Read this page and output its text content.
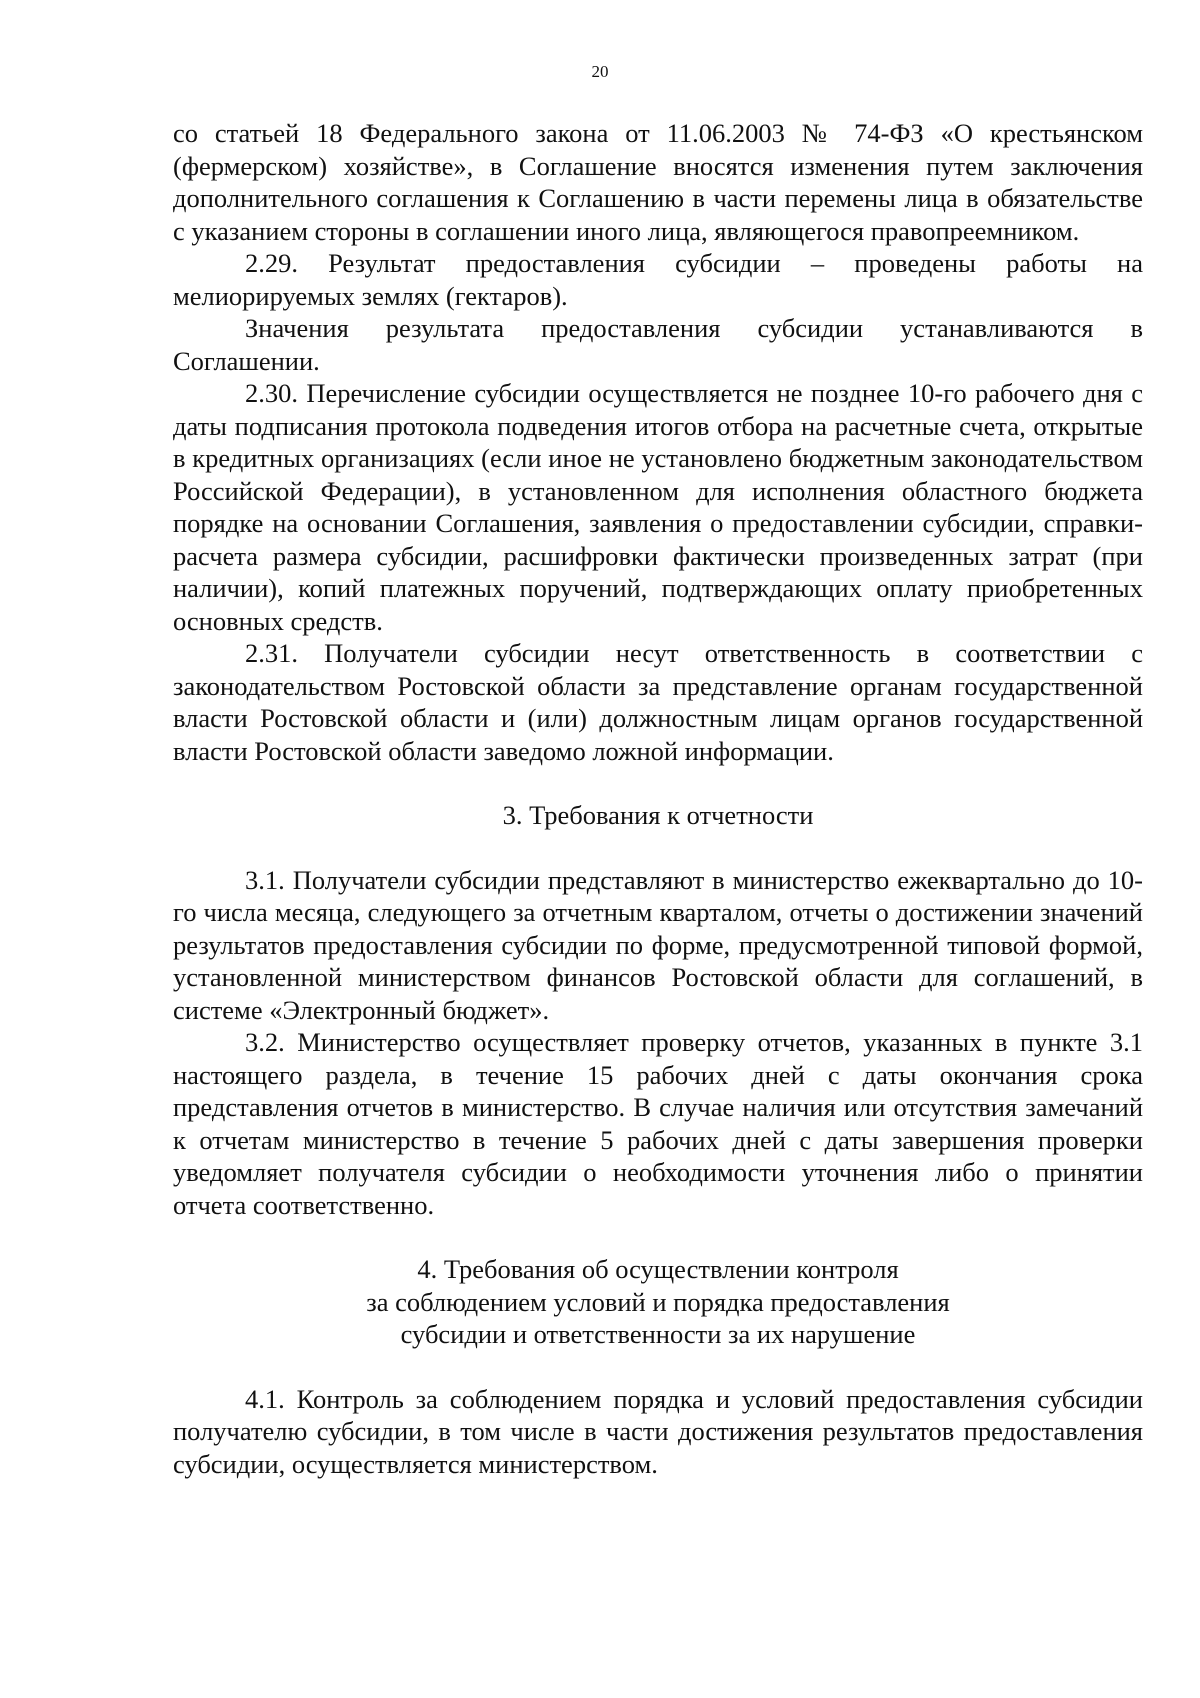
20

со статьей 18 Федерального закона от 11.06.2003 № 74-ФЗ «О крестьянском (фермерском) хозяйстве», в Соглашение вносятся изменения путем заключения дополнительного соглашения к Соглашению в части перемены лица в обязательстве с указанием стороны в соглашении иного лица, являющегося правопреемником.

2.29. Результат предоставления субсидии – проведены работы на мелиорируемых землях (гектаров).

Значения результата предоставления субсидии устанавливаются в Соглашении.

2.30. Перечисление субсидии осуществляется не позднее 10-го рабочего дня с даты подписания протокола подведения итогов отбора на расчетные счета, открытые в кредитных организациях (если иное не установлено бюджетным законодательством Российской Федерации), в установленном для исполнения областного бюджета порядке на основании Соглашения, заявления о предоставлении субсидии, справки-расчета размера субсидии, расшифровки фактически произведенных затрат (при наличии), копий платежных поручений, подтверждающих оплату приобретенных основных средств.

2.31. Получатели субсидии несут ответственность в соответствии с законодательством Ростовской области за представление органам государственной власти Ростовской области и (или) должностным лицам органов государственной власти Ростовской области заведомо ложной информации.

3. Требования к отчетности

3.1. Получатели субсидии представляют в министерство ежеквартально до 10-го числа месяца, следующего за отчетным кварталом, отчеты о достижении значений результатов предоставления субсидии по форме, предусмотренной типовой формой, установленной министерством финансов Ростовской области для соглашений, в системе «Электронный бюджет».

3.2. Министерство осуществляет проверку отчетов, указанных в пункте 3.1 настоящего раздела, в течение 15 рабочих дней с даты окончания срока представления отчетов в министерство. В случае наличия или отсутствия замечаний к отчетам министерство в течение 5 рабочих дней с даты завершения проверки уведомляет получателя субсидии о необходимости уточнения либо о принятии отчета соответственно.

4. Требования об осуществлении контроля

за соблюдением условий и порядка предоставления

субсидии и ответственности за их нарушение

4.1. Контроль за соблюдением порядка и условий предоставления субсидии получателю субсидии, в том числе в части достижения результатов предоставления субсидии, осуществляется министерством.
